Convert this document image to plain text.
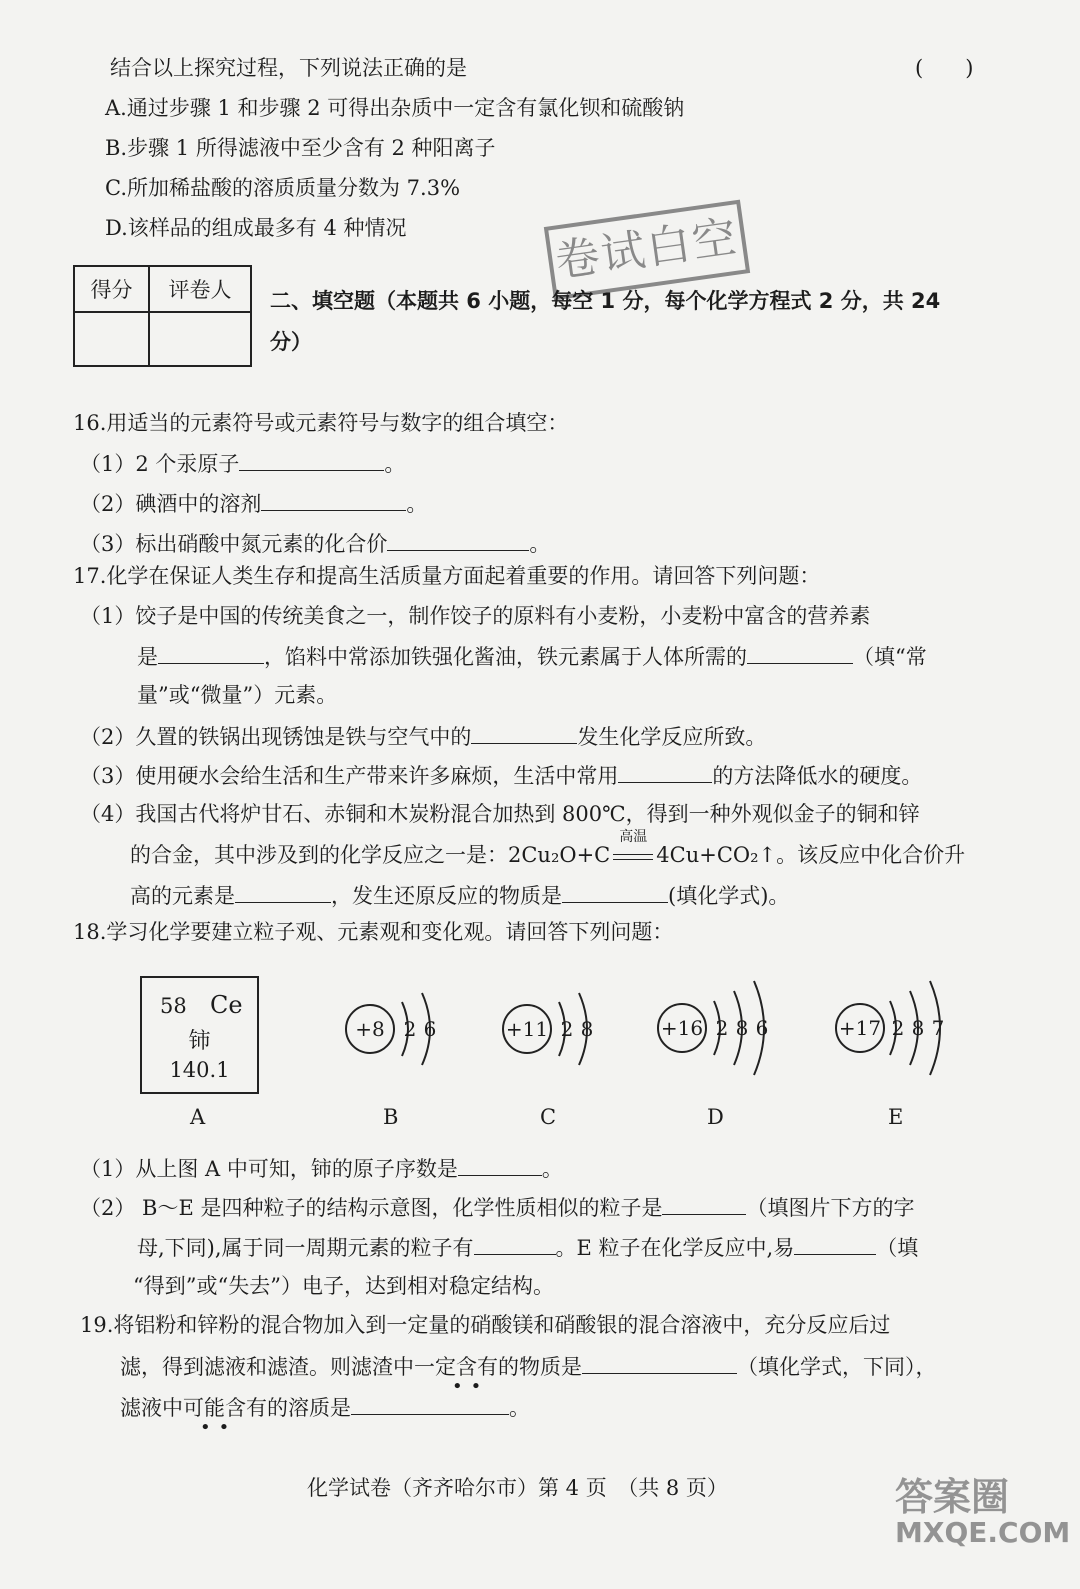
结合以上探究过程，下列说法正确的是	(　　)
A.通过步骤 1 和步骤 2 可得出杂质中一定含有氯化钡和硫酸钠
B.步骤 1 所得滤液中至少含有 2 种阳离子
C.所加稀盐酸的溶质质量分数为 7.3%
D.该样品的组成最多有 4 种情况	卷试白空
得分	评卷人
	二、填空题（本题共 6 小题，每空 1 分，每个化学方程式 2 分，共 24
分）
16.用适当的元素符号或元素符号与数字的组合填空：
（1）2 个汞原子	。
（2）碘酒中的溶剂	。
（3）标出硝酸中氮元素的化合价	。
17.化学在保证人类生存和提高生活质量方面起着重要的作用。请回答下列问题：
（1）饺子是中国的传统美食之一，制作饺子的原料有小麦粉，小麦粉中富含的营养素
是	，馅料中常添加铁强化酱油，铁元素属于人体所需的	（填“常
量”或“微量”）元素。
（2）久置的铁锅出现锈蚀是铁与空气中的	发生化学反应所致。
（3）使用硬水会给生活和生产带来许多麻烦，生活中常用	的方法降低水的硬度。
（4）我国古代将炉甘石、赤铜和木炭粉混合加热到 800℃，得到一种外观似金子的铜和锌
的合金，其中涉及到的化学反应之一是：2Cu₂O+C
高温
4Cu+CO₂↑。该反应中化合价升
高的元素是	，发生还原反应的物质是	(填化学式)。
18.学习化学要建立粒子观、元素观和变化观。请回答下列问题：
58 Ce
铈
140.1
+8 2 6	+11 2 8	+16 2 8 6	+17 2 8 7
A	B	C	D	E
（1）从上图 A 中可知，铈的原子序数是	。
（2） B～E 是四种粒子的结构示意图，化学性质相似的粒子是	（填图片下方的字
母,下同),属于同一周期元素的粒子有	。E 粒子在化学反应中,易	（填
“得到”或“失去”）电子，达到相对稳定结构。
19.将铝粉和锌粉的混合物加入到一定量的硝酸镁和硝酸银的混合溶液中，充分反应后过
滤，得到滤液和滤渣。则滤渣中一定含有的物质是	（填化学式，下同），
••
滤液中可能含有的溶质是	。
••
化学试卷（齐齐哈尔市）第 4 页　（共 8 页）	答案圈
MXQE.COM
